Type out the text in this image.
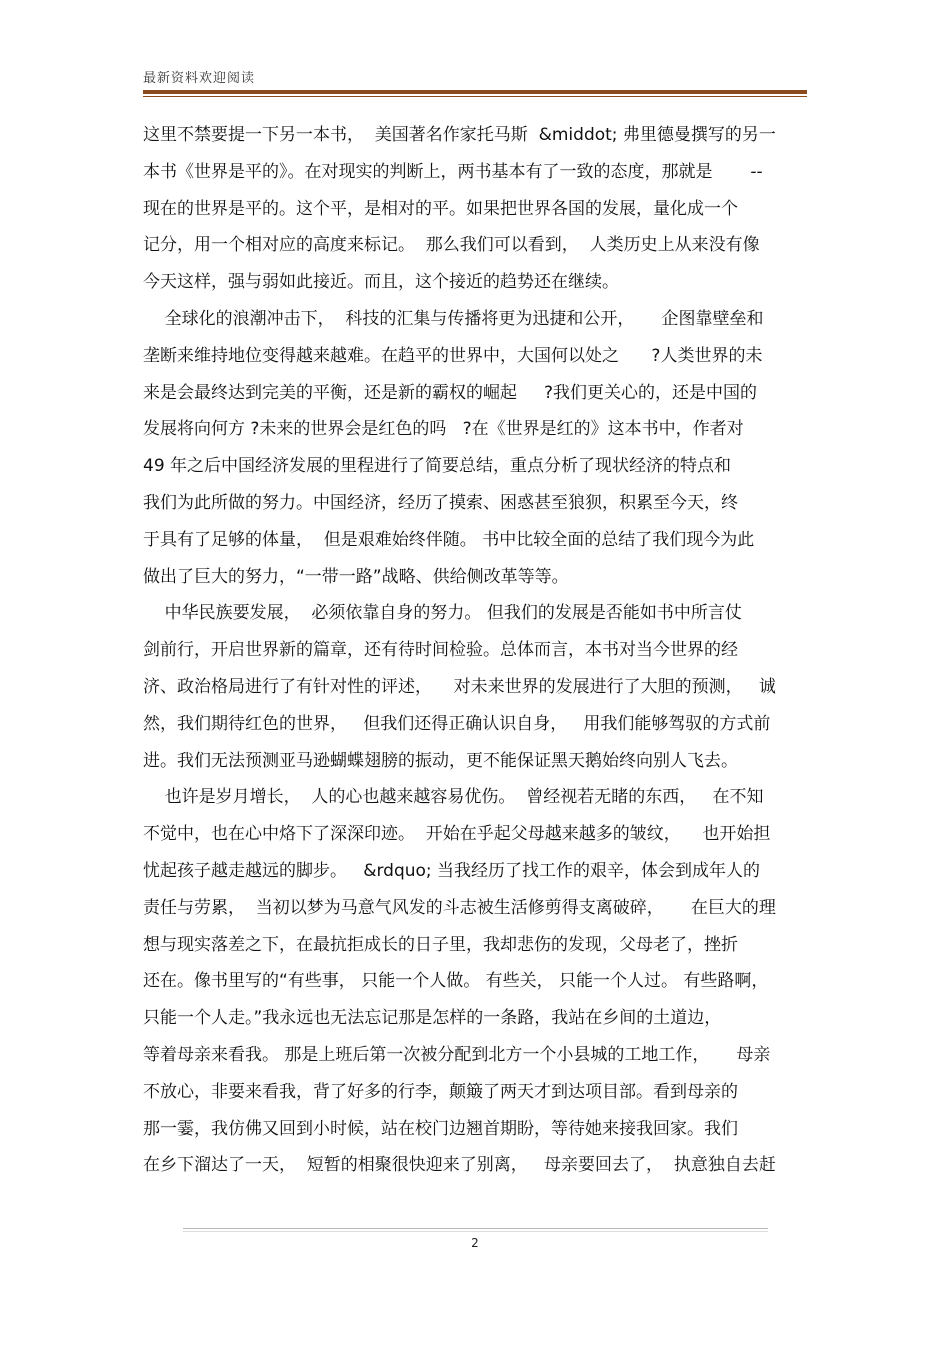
最新资料欢迎阅读
这里不禁要提一下另一本书，  美国著名作家托马斯  &middot; 弗里德曼撰写的另一
本书《世界是平的》。在对现实的判断上，两书基本有了一致的态度，那就是       --
现在的世界是平的。这个平，是相对的平。如果把世界各国的发展，量化成一个
记分，用一个相对应的高度来标记。  那么我们可以看到，  人类历史上从来没有像
今天这样，强与弱如此接近。而且，这个接近的趋势还在继续。
全球化的浪潮冲击下，  科技的汇集与传播将更为迅捷和公开，     企图靠壁垒和
垄断来维持地位变得越来越难。在趋平的世界中，大国何以处之      ?人类世界的未
来是会最终达到完美的平衡，还是新的霸权的崛起     ?我们更关心的，还是中国的
发展将向何方 ?未来的世界会是红色的吗   ?在《世界是红的》这本书中，作者对
49 年之后中国经济发展的里程进行了简要总结，重点分析了现状经济的特点和
我们为此所做的努力。中国经济，经历了摸索、困惑甚至狼狈，积累至今天，终
于具有了足够的体量，  但是艰难始终伴随。 书中比较全面的总结了我们现今为此
做出了巨大的努力，“一带一路”战略、供给侧改革等等。
中华民族要发展，  必须依靠自身的努力。 但我们的发展是否能如书中所言仗
剑前行，开启世界新的篇章，还有待时间检验。总体而言，本书对当今世界的经
济、政治格局进行了有针对性的评述，    对未来世界的发展进行了大胆的预测，   诚
然，我们期待红色的世界，   但我们还得正确认识自身，   用我们能够驾驭的方式前
进。我们无法预测亚马逊蝴蝶翅膀的振动，更不能保证黑天鹅始终向别人飞去。
也许是岁月增长，  人的心也越来越容易优伤。  曾经视若无睹的东西，   在不知
不觉中，也在心中烙下了深深印迹。  开始在乎起父母越来越多的皱纹，    也开始担
忧起孩子越走越远的脚步。   &rdquo; 当我经历了找工作的艰辛，体会到成年人的
责任与劳累，  当初以梦为马意气风发的斗志被生活修剪得支离破碎，     在巨大的理
想与现实落差之下，在最抗拒成长的日子里，我却悲伤的发现，父母老了，挫折
还在。像书里写的“有些事， 只能一个人做。 有些关， 只能一个人过。 有些路啊，
只能一个人走。”我永远也无法忘记那是怎样的一条路，我站在乡间的土道边，
等着母亲来看我。 那是上班后第一次被分配到北方一个小县城的工地工作，     母亲
不放心，非要来看我，背了好多的行李，颠簸了两天才到达项目部。看到母亲的
那一霎，我仿佛又回到小时候，站在校门边翘首期盼，等待她来接我回家。我们
在乡下溜达了一天，  短暂的相聚很快迎来了别离，   母亲要回去了，  执意独自去赶
2
